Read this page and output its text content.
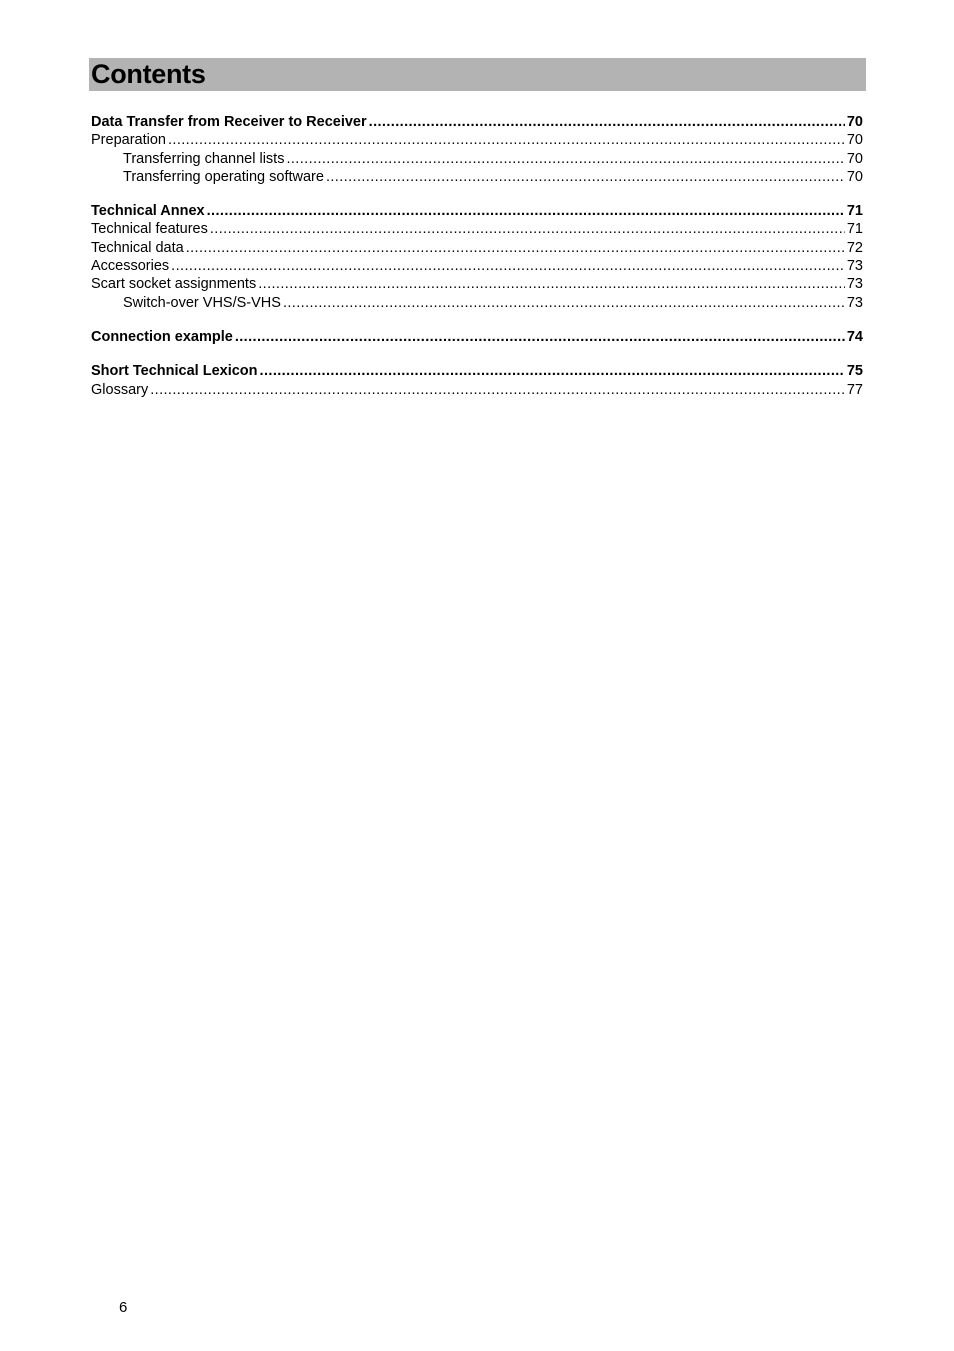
Contents
Data Transfer from Receiver to Receiver .....	70
Preparation .....	70
Transferring channel lists .....	70
Transferring operating software .....	70
Technical Annex .....	71
Technical features .....	71
Technical data .....	72
Accessories .....	73
Scart socket assignments .....	73
Switch-over VHS/S-VHS .....	73
Connection example .....	74
Short Technical Lexicon .....	75
Glossary .....	77
6
